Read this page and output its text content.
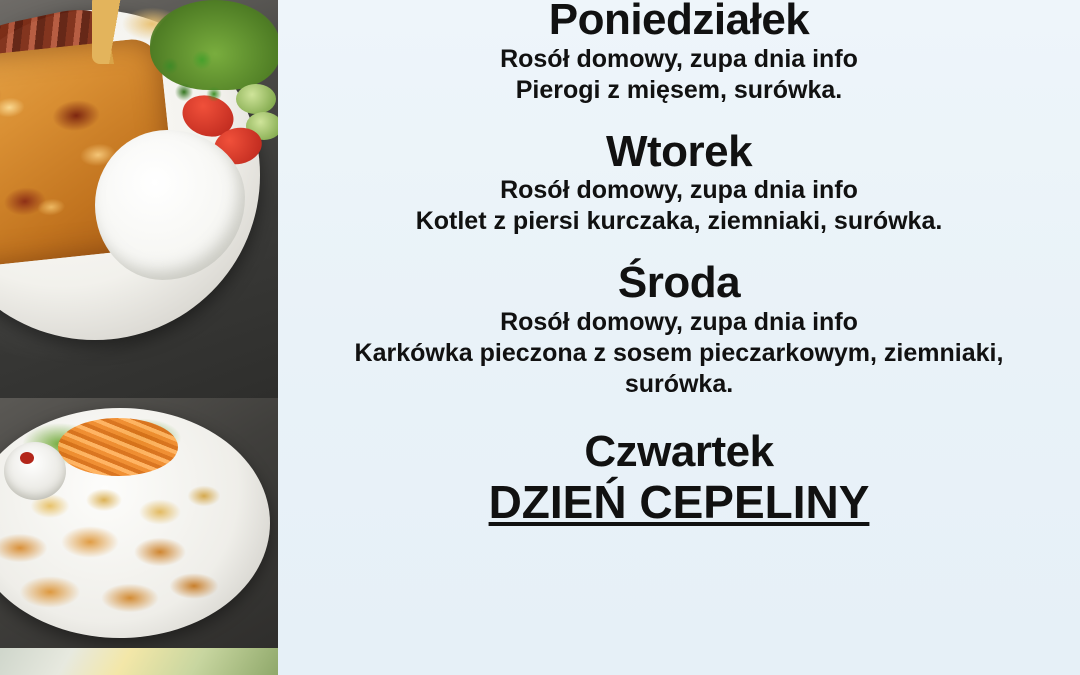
Poniedziałek
Rosół domowy, zupa dnia info
Pierogi z mięsem, surówka.
Wtorek
Rosół domowy, zupa dnia info
Kotlet z piersi kurczaka, ziemniaki, surówka.
Środa
Rosół domowy, zupa dnia info
Karkówka pieczona z sosem pieczarkowym, ziemniaki,
surówka.
Czwartek
DZIEŃ CEPELINY
